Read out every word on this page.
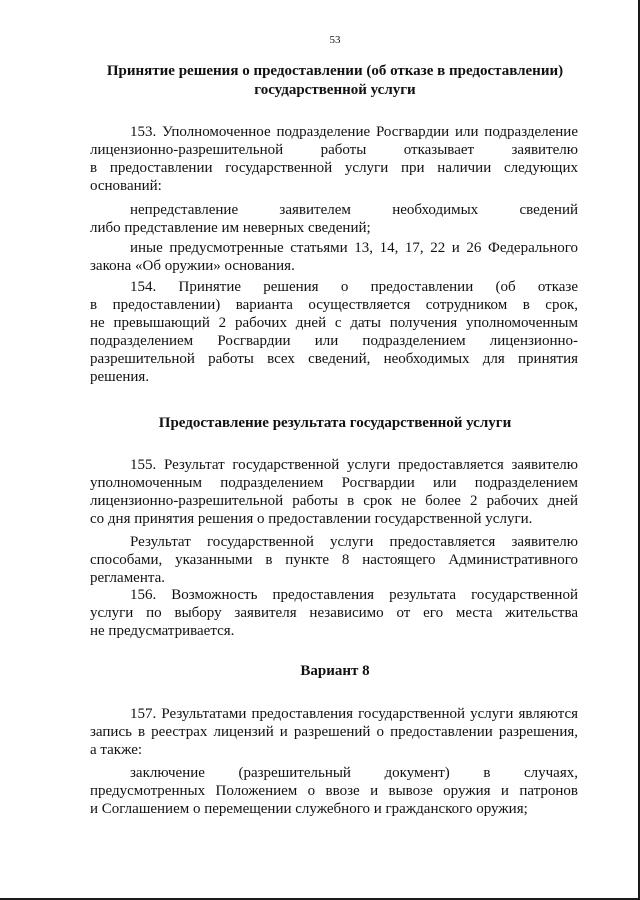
53
Принятие решения о предоставлении (об отказе в предоставлении)
государственной услуги
153. Уполномоченное подразделение Росгвардии или подразделение
лицензионно-разрешительной работы отказывает заявителю
в предоставлении государственной услуги при наличии следующих
оснований:
непредставление заявителем необходимых сведений
либо представление им неверных сведений;
иные предусмотренные статьями 13, 14, 17, 22 и 26 Федерального
закона «Об оружии» основания.
154. Принятие решения о предоставлении (об отказе
в предоставлении) варианта осуществляется сотрудником в срок,
не превышающий 2 рабочих дней с даты получения уполномоченным
подразделением Росгвардии или подразделением лицензионно-
разрешительной работы всех сведений, необходимых для принятия
решения.
Предоставление результата государственной услуги
155. Результат государственной услуги предоставляется заявителю
уполномоченным подразделением Росгвардии или подразделением
лицензионно-разрешительной работы в срок не более 2 рабочих дней
со дня принятия решения о предоставлении государственной услуги.
Результат государственной услуги предоставляется заявителю
способами, указанными в пункте 8 настоящего Административного
регламента.
156. Возможность предоставления результата государственной
услуги по выбору заявителя независимо от его места жительства
не предусматривается.
Вариант 8
157. Результатами предоставления государственной услуги являются
запись в реестрах лицензий и разрешений о предоставлении разрешения,
а также:
заключение (разрешительный документ) в случаях,
предусмотренных Положением о ввозе и вывозе оружия и патронов
и Соглашением о перемещении служебного и гражданского оружия;
